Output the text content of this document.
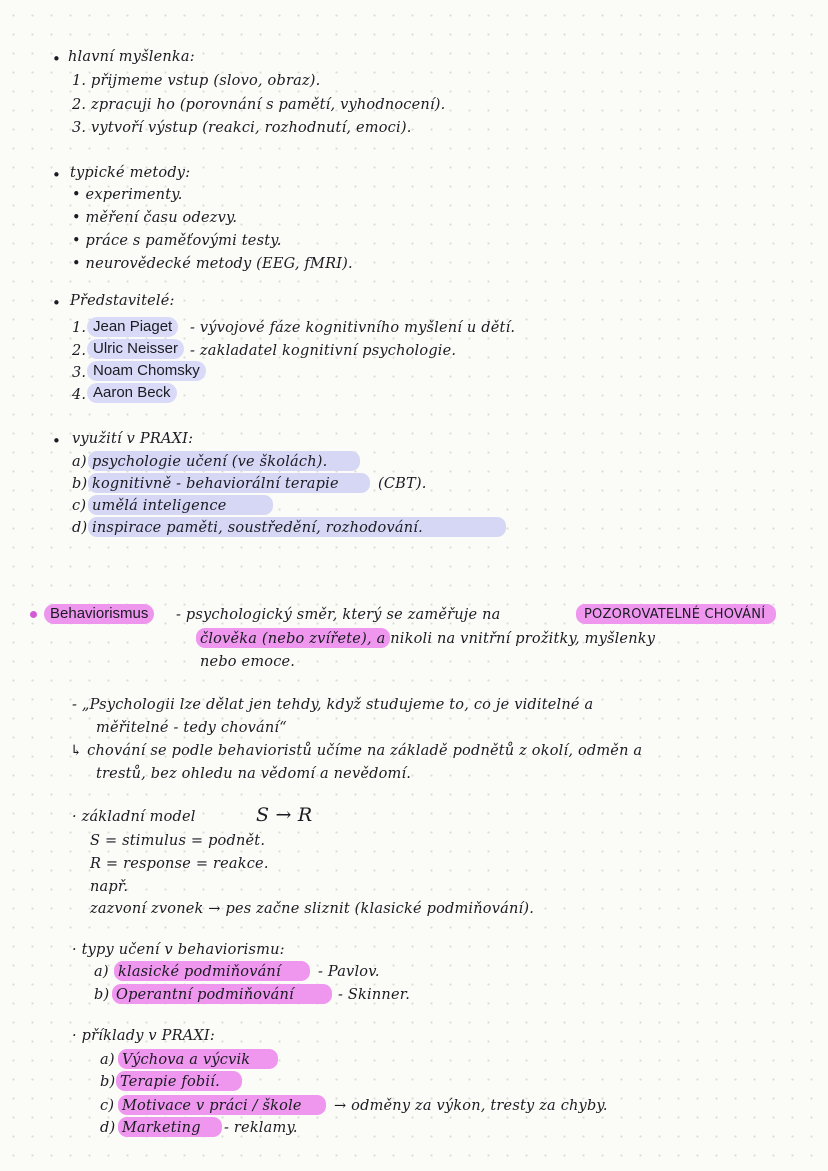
• hlavní myšlenka:
1. přijmeme vstup (slovo, obraz).
2. zpracuji ho (porovnání s pamětí, vyhodnocení).
3. vytvoří výstup (reakci, rozhodnutí, emoci).
• typické metody:
• experimenty.
• měření času odezvy.
• práce s paměťovými testy.
• neurovědecké metody (EEG, fMRI).
• Představitelé:
1. Jean Piaget	- vývojové fáze kognitivního myšlení u dětí.
2. Ulric Neisser - zakladatel kognitivní psychologie.
3. Noam Chomsky
4. Aaron Beck
• využití v PRAXI:
a) psychologie učení (ve školách).
b) kognitivně - behaviorální terapie	(CBT).
c) umělá inteligence
d) inspirace paměti, soustředění, rozhodování.
Behaviorismus	- psychologický směr, který se zaměřuje na	POZOROVATELNÉ CHOVÁNÍ
člověka (nebo zvířete), a nikoli na vnitřní prožitky, myšlenky
nebo emoce.
- „Psychologii lze dělat jen tehdy, když studujeme to, co je viditelné a
měřitelné - tedy chování“
↳ chování se podle behavioristů učíme na základě podnětů z okolí, odměn a
trestů, bez ohledu na vědomí a nevědomí.
· základní model	S → R
S = stimulus = podnět.
R = response = reakce.
např.
zazvoní zvonek → pes začne sliznit (klasické podmiňování).
· typy učení v behaviorismu:
a) klasické podmiňování	- Pavlov.
b) Operantní podmiňování	- Skinner.
· příklady v PRAXI:
a) Výchova a výcvik
b) Terapie fobií.
c) Motivace v práci / škole → odměny za výkon, tresty za chyby.
d) Marketing - reklamy.
